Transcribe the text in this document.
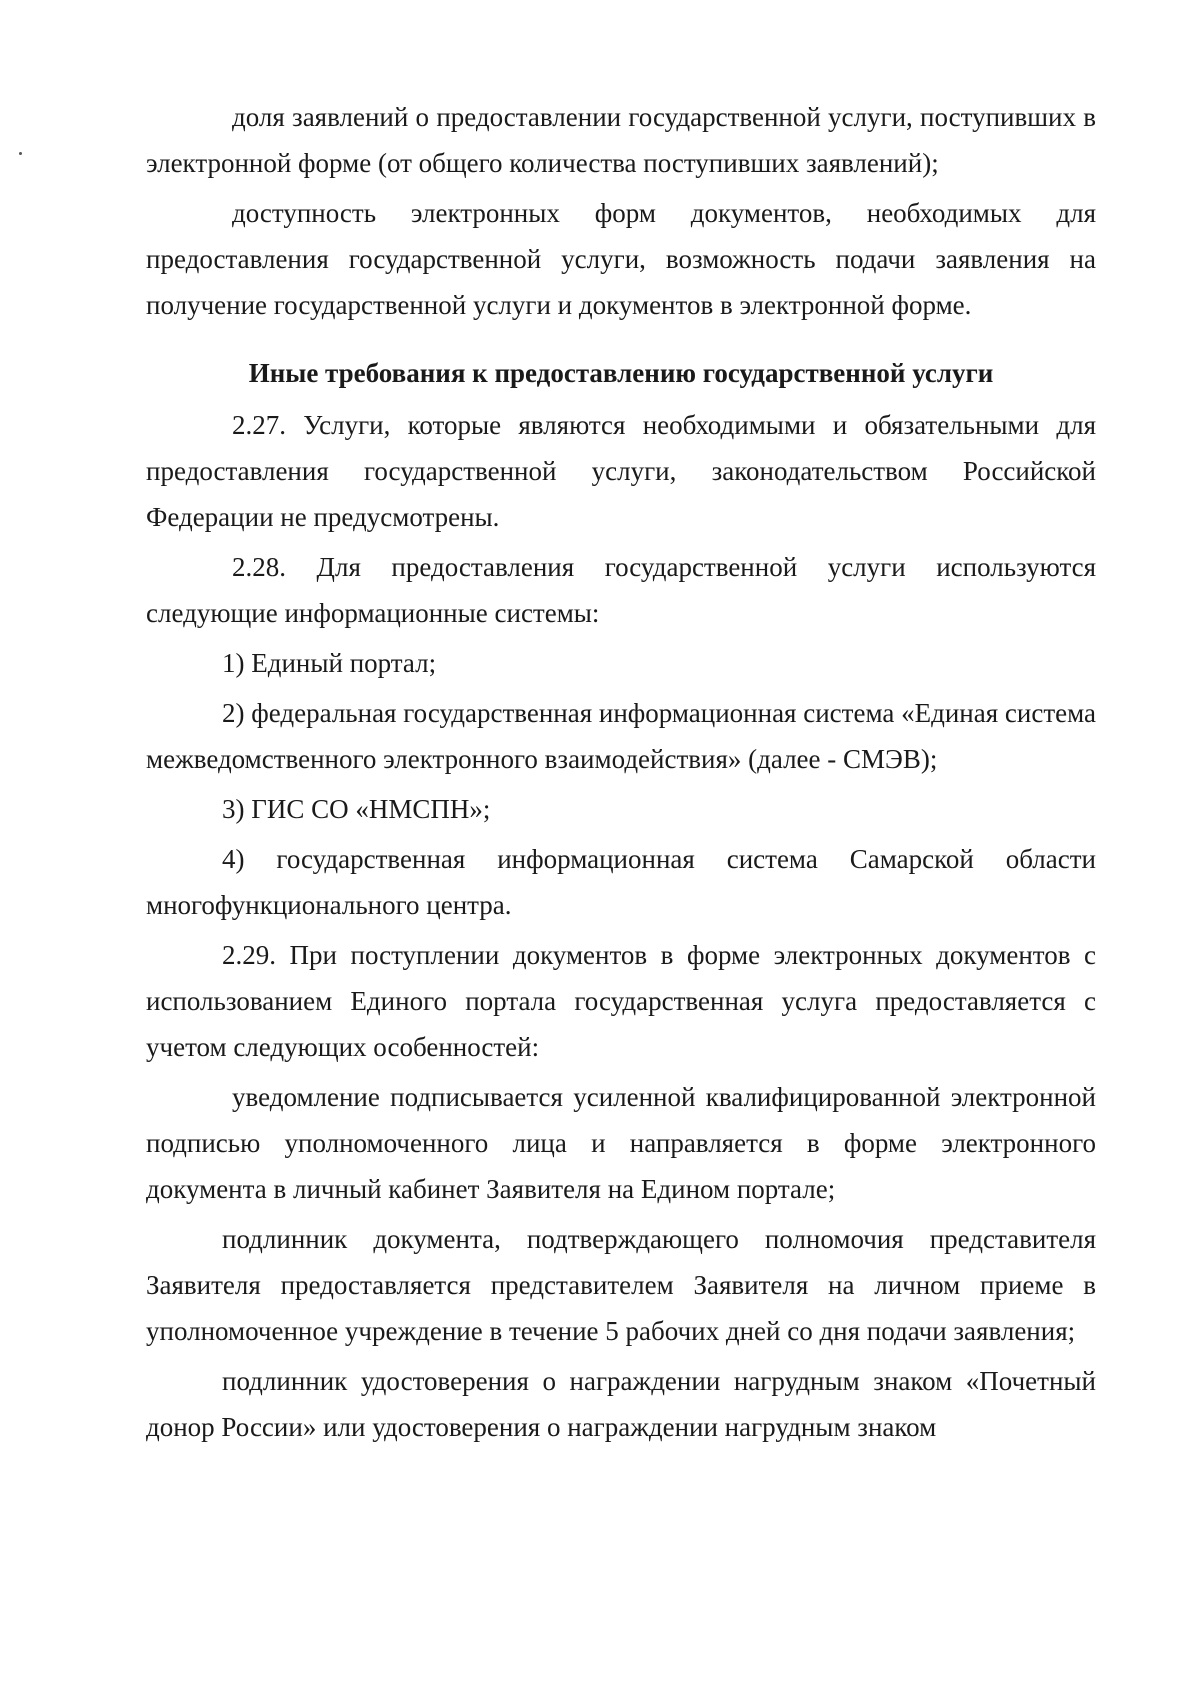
доля заявлений о предоставлении государственной услуги, поступивших в электронной форме (от общего количества поступивших заявлений);

доступность электронных форм документов, необходимых для предоставления государственной услуги, возможность подачи заявления на получение государственной услуги и документов в электронной форме.

Иные требования к предоставлению государственной услуги

2.27. Услуги, которые являются необходимыми и обязательными для предоставления государственной услуги, законодательством Российской Федерации не предусмотрены.

2.28. Для предоставления государственной услуги используются следующие информационные системы:

1) Единый портал;

2) федеральная государственная информационная система «Единая система межведомственного электронного взаимодействия» (далее - СМЭВ);

3) ГИС СО «НМСПН»;

4) государственная информационная система Самарской области многофункционального центра.

2.29. При поступлении документов в форме электронных документов с использованием Единого портала государственная услуга предоставляется с учетом следующих особенностей:

уведомление подписывается усиленной квалифицированной электронной подписью уполномоченного лица и направляется в форме электронного документа в личный кабинет Заявителя на Едином портале;

подлинник документа, подтверждающего полномочия представителя Заявителя предоставляется представителем Заявителя на личном приеме в уполномоченное учреждение в течение 5 рабочих дней со дня подачи заявления;

подлинник удостоверения о награждении нагрудным знаком «Почетный донор России» или удостоверения о награждении нагрудным знаком
